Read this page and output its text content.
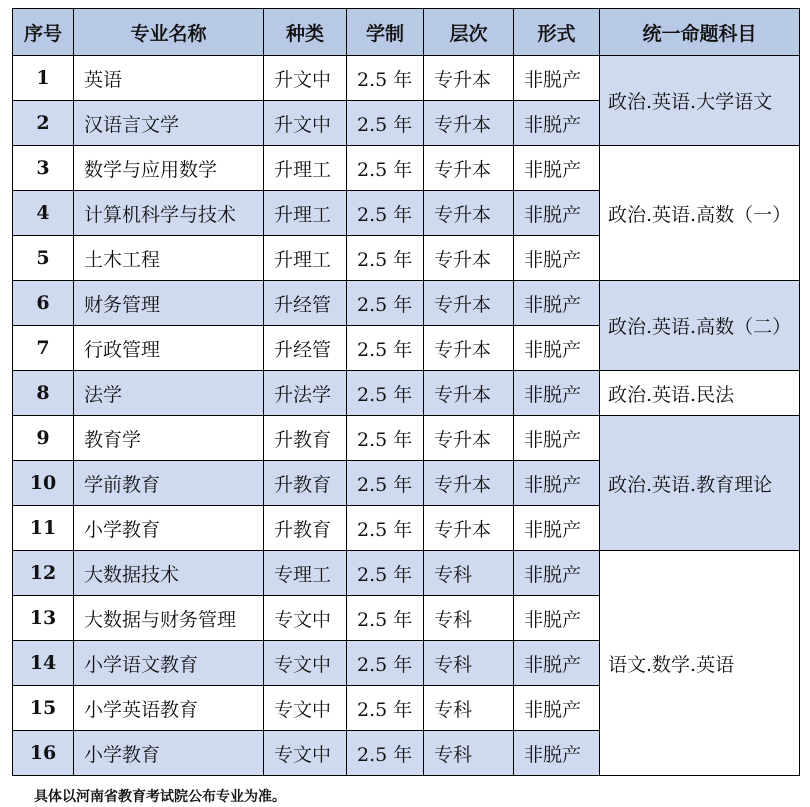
序号	专业名称	种类	学制	层次	形式	统一命题科目
1	英语	升文中	2.5 年	专升本	非脱产	政治.英语.大学语文
2	汉语言文学	升文中	2.5 年	专升本	非脱产	
3	数学与应用数学	升理工	2.5 年	专升本	非脱产	政治.英语.高数（一）
4	计算机科学与技术	升理工	2.5 年	专升本	非脱产	
5	土木工程	升理工	2.5 年	专升本	非脱产	
6	财务管理	升经管	2.5 年	专升本	非脱产	政治.英语.高数（二）
7	行政管理	升经管	2.5 年	专升本	非脱产	
8	法学	升法学	2.5 年	专升本	非脱产	政治.英语.民法
9	教育学	升教育	2.5 年	专升本	非脱产	政治.英语.教育理论
10	学前教育	升教育	2.5 年	专升本	非脱产	
11	小学教育	升教育	2.5 年	专升本	非脱产	
12	大数据技术	专理工	2.5 年	专科	非脱产	语文.数学.英语
13	大数据与财务管理	专文中	2.5 年	专科	非脱产	
14	小学语文教育	专文中	2.5 年	专科	非脱产	
15	小学英语教育	专文中	2.5 年	专科	非脱产	
16	小学教育	专文中	2.5 年	专科	非脱产	
具体以河南省教育考试院公布专业为准。
